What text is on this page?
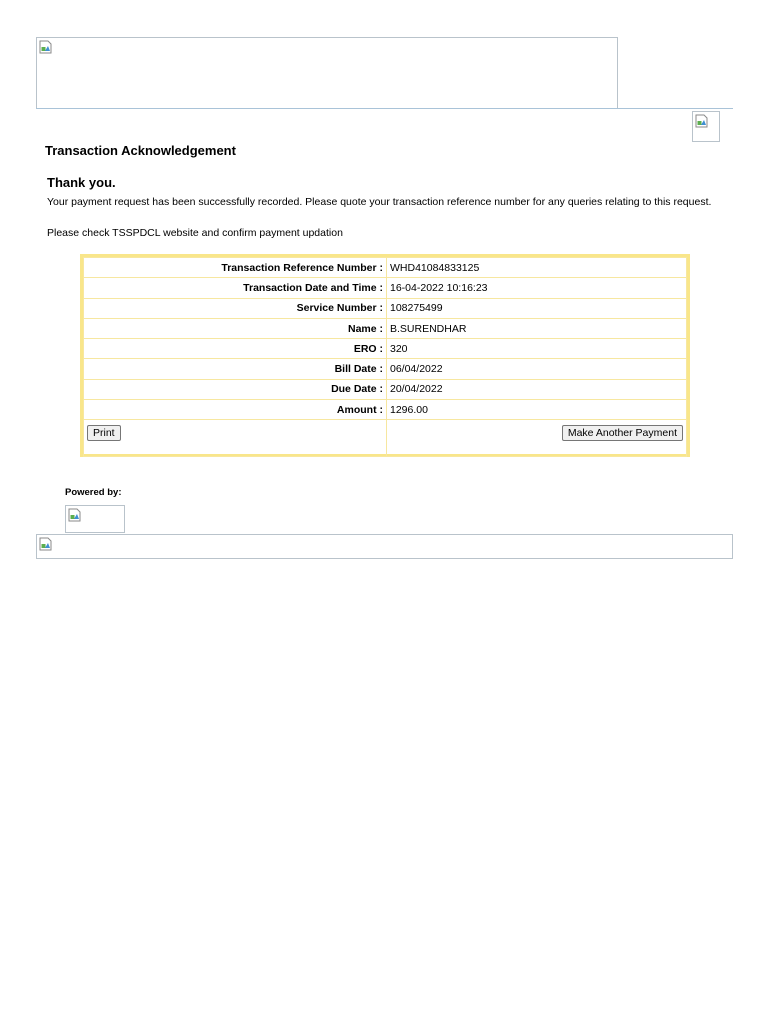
Transaction Acknowledgement
Thank you.

Your payment request has been successfully recorded. Please quote your transaction reference number for any queries relating to this request.

Please check TSSPDCL website and confirm payment updation

Transaction Reference Number :	WHD41084833125
Transaction Date and Time :	16-04-2022 10:16:23
Service Number :	108275499
Name :	B.SURENDHAR
ERO :	320
Bill Date :	06/04/2022
Due Date :	20/04/2022
Amount :	1296.00
Print	Make Another Payment

Powered by:
